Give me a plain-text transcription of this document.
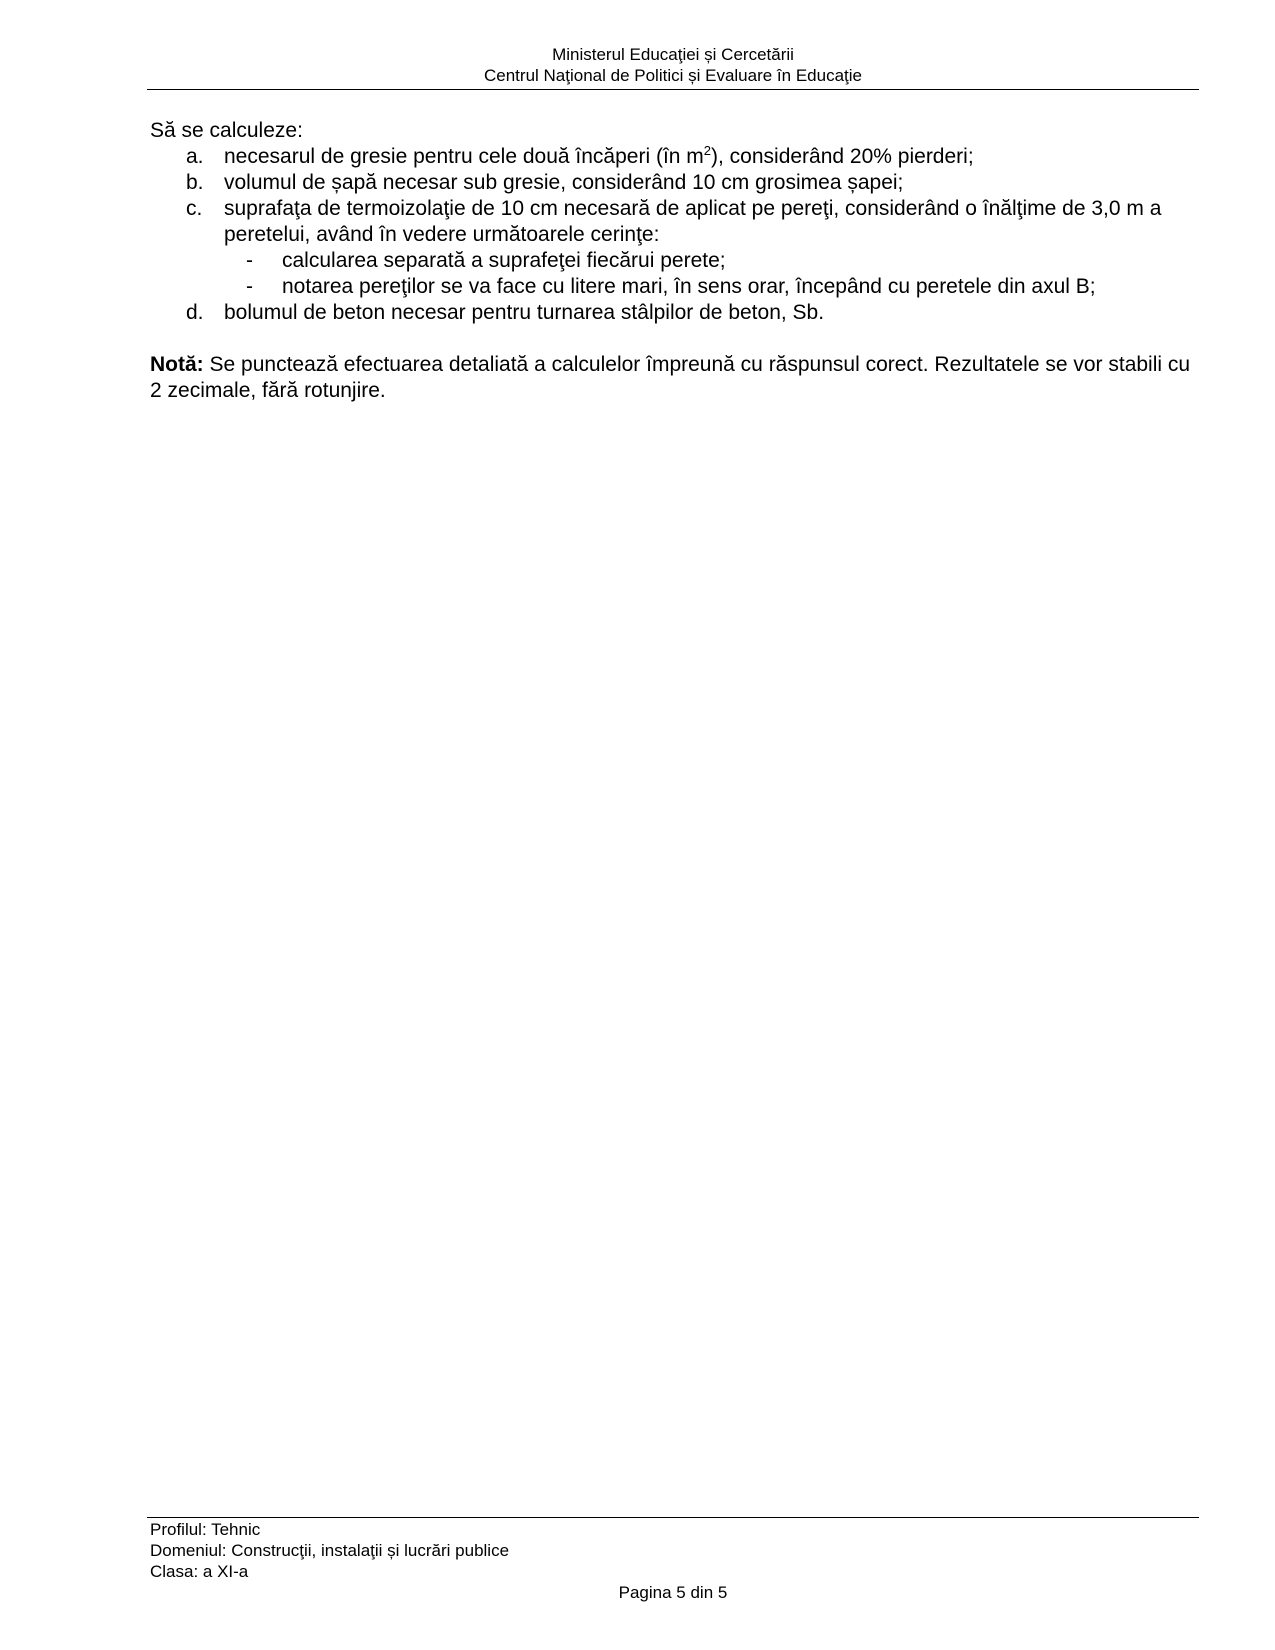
Ministerul Educaţiei și Cercetării
Centrul Naţional de Politici și Evaluare în Educaţie

Să se calculeze:

a. necesarul de gresie pentru cele două încăperi (în $m^2$), considerând 20% pierderi;
b. volumul de șapă necesar sub gresie, considerând 10 cm grosimea șapei;
c. suprafaţa de termoizolaţie de 10 cm necesară de aplicat pe pereţi, considerând o înălţime de 3,0 m a peretelui, având în vedere următoarele cerinţe:
- calcularea separată a suprafeţei fiecărui perete;
- notarea pereţilor se va face cu litere mari, în sens orar, începând cu peretele din axul B;
d. bolumul de beton necesar pentru turnarea stâlpilor de beton, Sb.

Notă: Se punctează efectuarea detaliată a calculelor împreună cu răspunsul corect. Rezultatele se vor stabili cu 2 zecimale, fără rotunjire.

Profilul: Tehnic
Domeniul: Construcţii, instalaţii și lucrări publice
Clasa: a XI-a
Pagina 5 din 5
